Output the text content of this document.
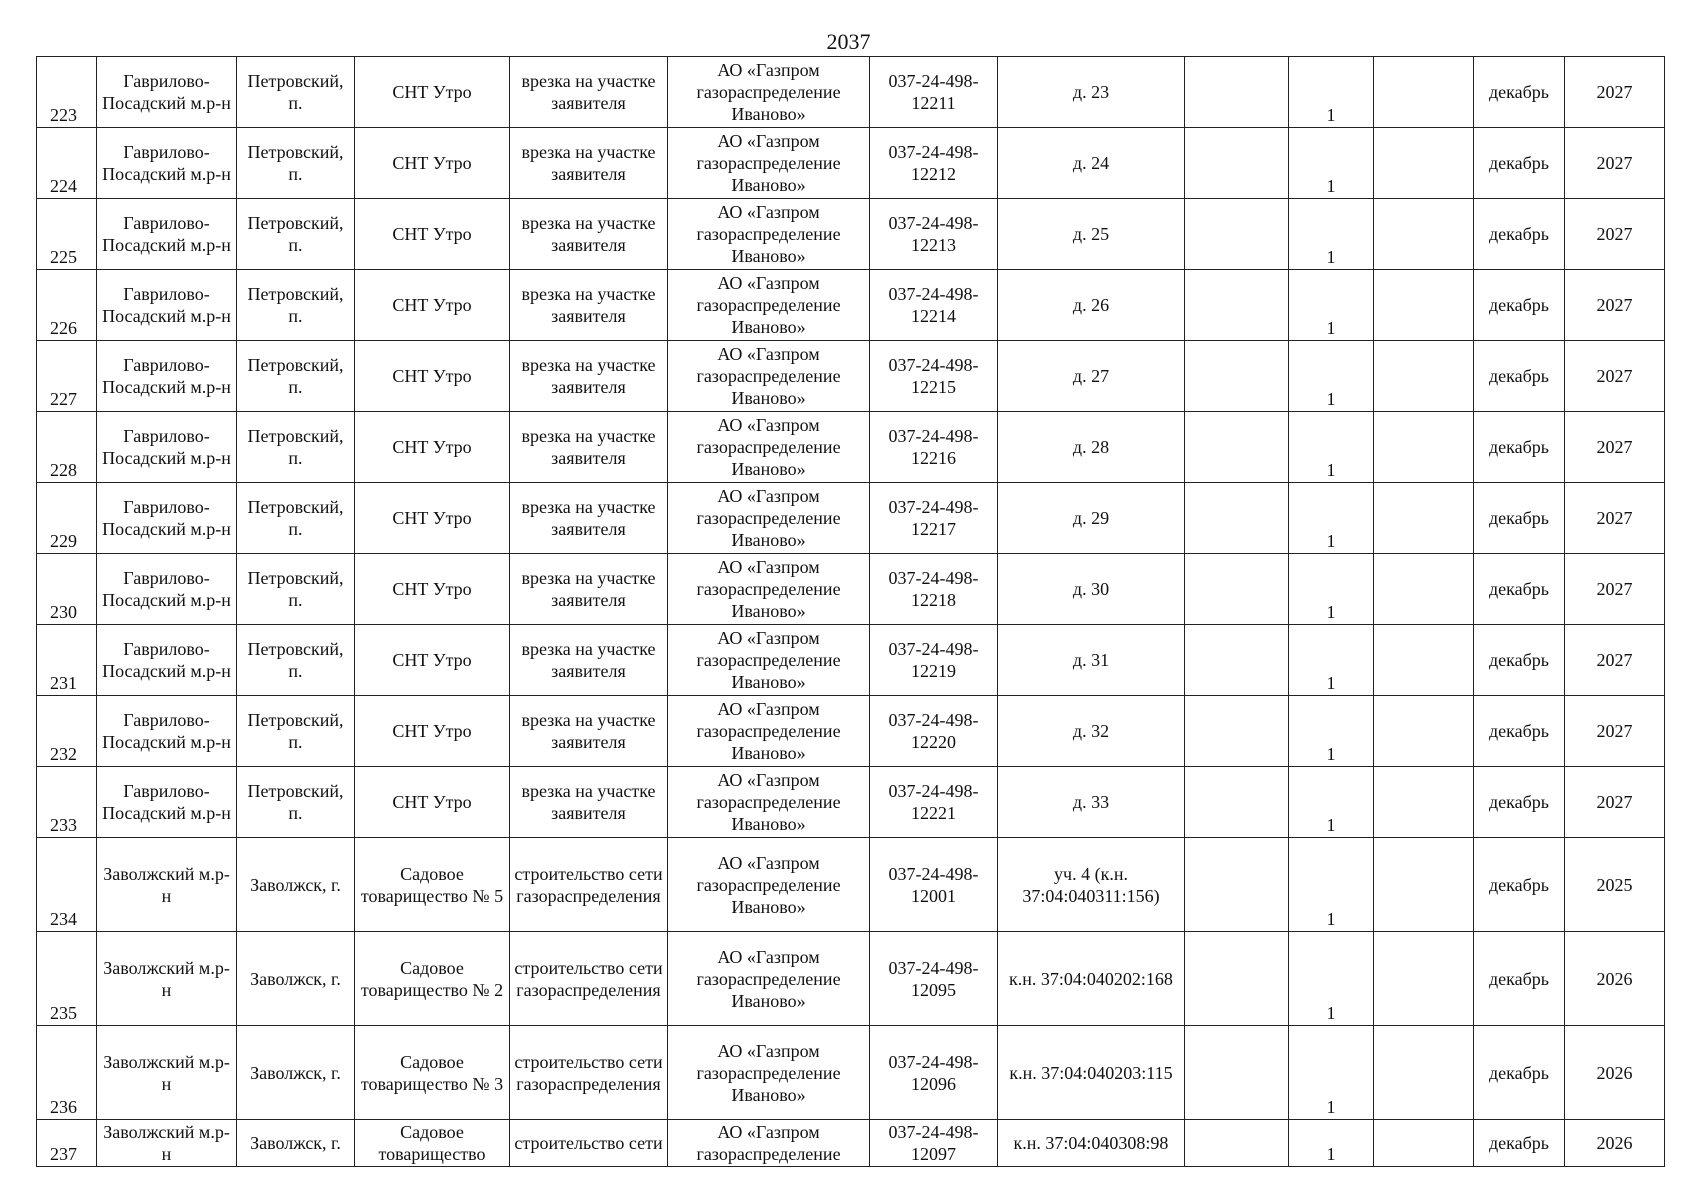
2037
223	Гаврилово-Посадский м.р-н	Петровский, п.	СНТ Утро	врезка на участке заявителя	АО «Газпром газораспределение Иваново»	037-24-498-12211	д. 23		1		декабрь	2027
224	Гаврилово-Посадский м.р-н	Петровский, п.	СНТ Утро	врезка на участке заявителя	АО «Газпром газораспределение Иваново»	037-24-498-12212	д. 24		1		декабрь	2027
225	Гаврилово-Посадский м.р-н	Петровский, п.	СНТ Утро	врезка на участке заявителя	АО «Газпром газораспределение Иваново»	037-24-498-12213	д. 25		1		декабрь	2027
226	Гаврилово-Посадский м.р-н	Петровский, п.	СНТ Утро	врезка на участке заявителя	АО «Газпром газораспределение Иваново»	037-24-498-12214	д. 26		1		декабрь	2027
227	Гаврилово-Посадский м.р-н	Петровский, п.	СНТ Утро	врезка на участке заявителя	АО «Газпром газораспределение Иваново»	037-24-498-12215	д. 27		1		декабрь	2027
228	Гаврилово-Посадский м.р-н	Петровский, п.	СНТ Утро	врезка на участке заявителя	АО «Газпром газораспределение Иваново»	037-24-498-12216	д. 28		1		декабрь	2027
229	Гаврилово-Посадский м.р-н	Петровский, п.	СНТ Утро	врезка на участке заявителя	АО «Газпром газораспределение Иваново»	037-24-498-12217	д. 29		1		декабрь	2027
230	Гаврилово-Посадский м.р-н	Петровский, п.	СНТ Утро	врезка на участке заявителя	АО «Газпром газораспределение Иваново»	037-24-498-12218	д. 30		1		декабрь	2027
231	Гаврилово-Посадский м.р-н	Петровский, п.	СНТ Утро	врезка на участке заявителя	АО «Газпром газораспределение Иваново»	037-24-498-12219	д. 31		1		декабрь	2027
232	Гаврилово-Посадский м.р-н	Петровский, п.	СНТ Утро	врезка на участке заявителя	АО «Газпром газораспределение Иваново»	037-24-498-12220	д. 32		1		декабрь	2027
233	Гаврилово-Посадский м.р-н	Петровский, п.	СНТ Утро	врезка на участке заявителя	АО «Газпром газораспределение Иваново»	037-24-498-12221	д. 33		1		декабрь	2027
234	Заволжский м.р-н	Заволжск, г.	Садовое товарищество № 5	строительство сети газораспределения	АО «Газпром газораспределение Иваново»	037-24-498-12001	уч. 4 (к.н. 37:04:040311:156)		1		декабрь	2025
235	Заволжский м.р-н	Заволжск, г.	Садовое товарищество № 2	строительство сети газораспределения	АО «Газпром газораспределение Иваново»	037-24-498-12095	к.н. 37:04:040202:168		1		декабрь	2026
236	Заволжский м.р-н	Заволжск, г.	Садовое товарищество № 3	строительство сети газораспределения	АО «Газпром газораспределение Иваново»	037-24-498-12096	к.н. 37:04:040203:115		1		декабрь	2026
237	Заволжский м.р-н	Заволжск, г.	Садовое товарищество	строительство сети	АО «Газпром газораспределение	037-24-498-12097	к.н. 37:04:040308:98		1		декабрь	2026
